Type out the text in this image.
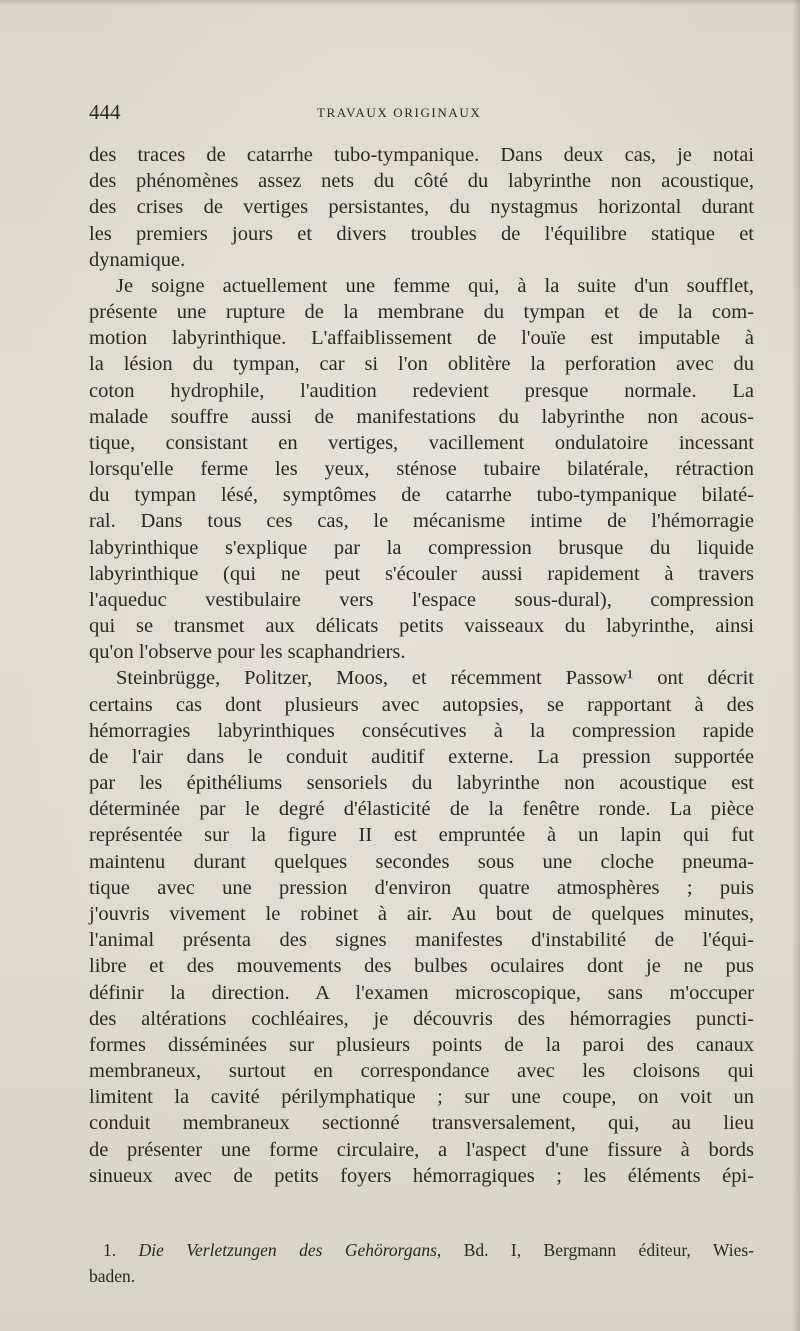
444	TRAVAUX ORIGINAUX
des traces de catarrhe tubo-tympanique. Dans deux cas, je notai
des phénomènes assez nets du côté du labyrinthe non acoustique,
des crises de vertiges persistantes, du nystagmus horizontal durant
les premiers jours et divers troubles de l'équilibre statique et
dynamique.
Je soigne actuellement une femme qui, à la suite d'un soufflet,
présente une rupture de la membrane du tympan et de la com-
motion labyrinthique. L'affaiblissement de l'ouïe est imputable à
la lésion du tympan, car si l'on oblitère la perforation avec du
coton hydrophile, l'audition redevient presque normale. La
malade souffre aussi de manifestations du labyrinthe non acous-
tique, consistant en vertiges, vacillement ondulatoire incessant
lorsqu'elle ferme les yeux, sténose tubaire bilatérale, rétraction
du tympan lésé, symptômes de catarrhe tubo-tympanique bilaté-
ral. Dans tous ces cas, le mécanisme intime de l'hémorragie
labyrinthique s'explique par la compression brusque du liquide
labyrinthique (qui ne peut s'écouler aussi rapidement à travers
l'aqueduc vestibulaire vers l'espace sous-dural), compression
qui se transmet aux délicats petits vaisseaux du labyrinthe, ainsi
qu'on l'observe pour les scaphandriers.
Steinbrügge, Politzer, Moos, et récemment Passow¹ ont décrit
certains cas dont plusieurs avec autopsies, se rapportant à des
hémorragies labyrinthiques consécutives à la compression rapide
de l'air dans le conduit auditif externe. La pression supportée
par les épithéliums sensoriels du labyrinthe non acoustique est
déterminée par le degré d'élasticité de la fenêtre ronde. La pièce
représentée sur la figure II est empruntée à un lapin qui fut
maintenu durant quelques secondes sous une cloche pneuma-
tique avec une pression d'environ quatre atmosphères ; puis
j'ouvris vivement le robinet à air. Au bout de quelques minutes,
l'animal présenta des signes manifestes d'instabilité de l'équi-
libre et des mouvements des bulbes oculaires dont je ne pus
définir la direction. A l'examen microscopique, sans m'occuper
des altérations cochléaires, je découvris des hémorragies puncti-
formes disséminées sur plusieurs points de la paroi des canaux
membraneux, surtout en correspondance avec les cloisons qui
limitent la cavité périlymphatique ; sur une coupe, on voit un
conduit membraneux sectionné transversalement, qui, au lieu
de présenter une forme circulaire, a l'aspect d'une fissure à bords
sinueux avec de petits foyers hémorragiques ; les éléments épi-
1. Die Verletzungen des Gehörorgans, Bd. I, Bergmann éditeur, Wies-
baden.
